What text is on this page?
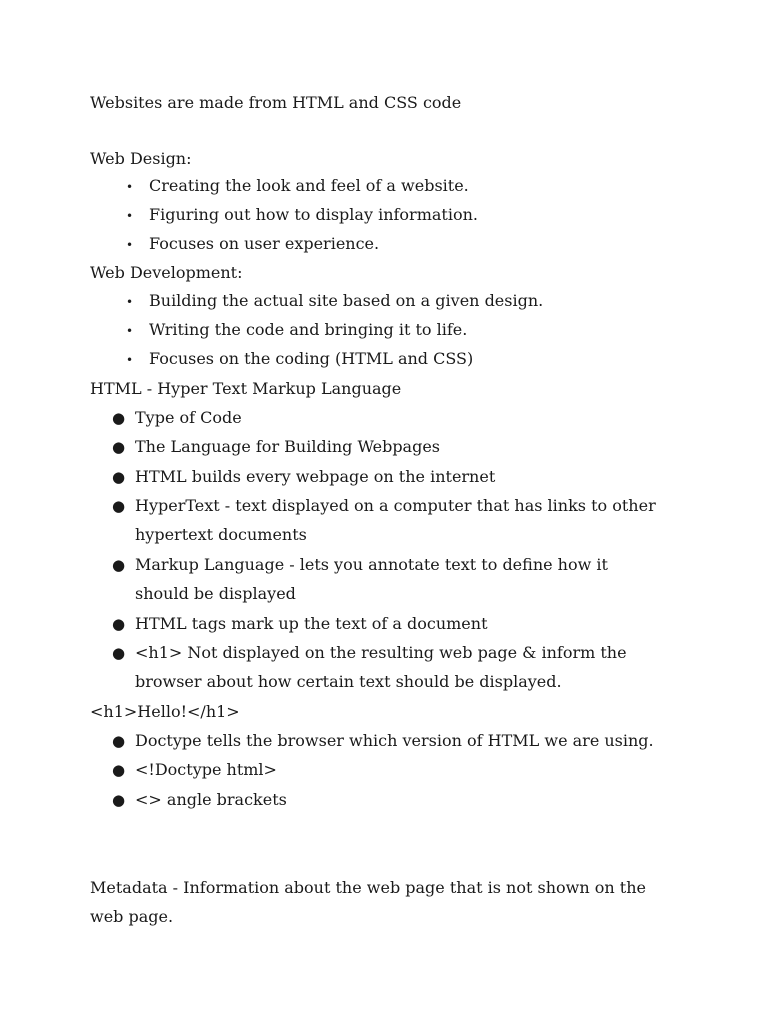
Websites are made from HTML and CSS code
Web Design:
• Creating the look and feel of a website.
• Figuring out how to display information.
• Focuses on user experience.
Web Development:
• Building the actual site based on a given design.
• Writing the code and bringing it to life.
• Focuses on the coding (HTML and CSS)
HTML - Hyper Text Markup Language
● Type of Code
● The Language for Building Webpages
● HTML builds every webpage on the internet
● HyperText - text displayed on a computer that has links to other
hypertext documents
● Markup Language - lets you annotate text to define how it
should be displayed
● HTML tags mark up the text of a document
● <h1> Not displayed on the resulting web page & inform the
browser about how certain text should be displayed.
<h1>Hello!</h1>
● Doctype tells the browser which version of HTML we are using.
● <!Doctype html>
● <> angle brackets
Metadata - Information about the web page that is not shown on the
web page.
